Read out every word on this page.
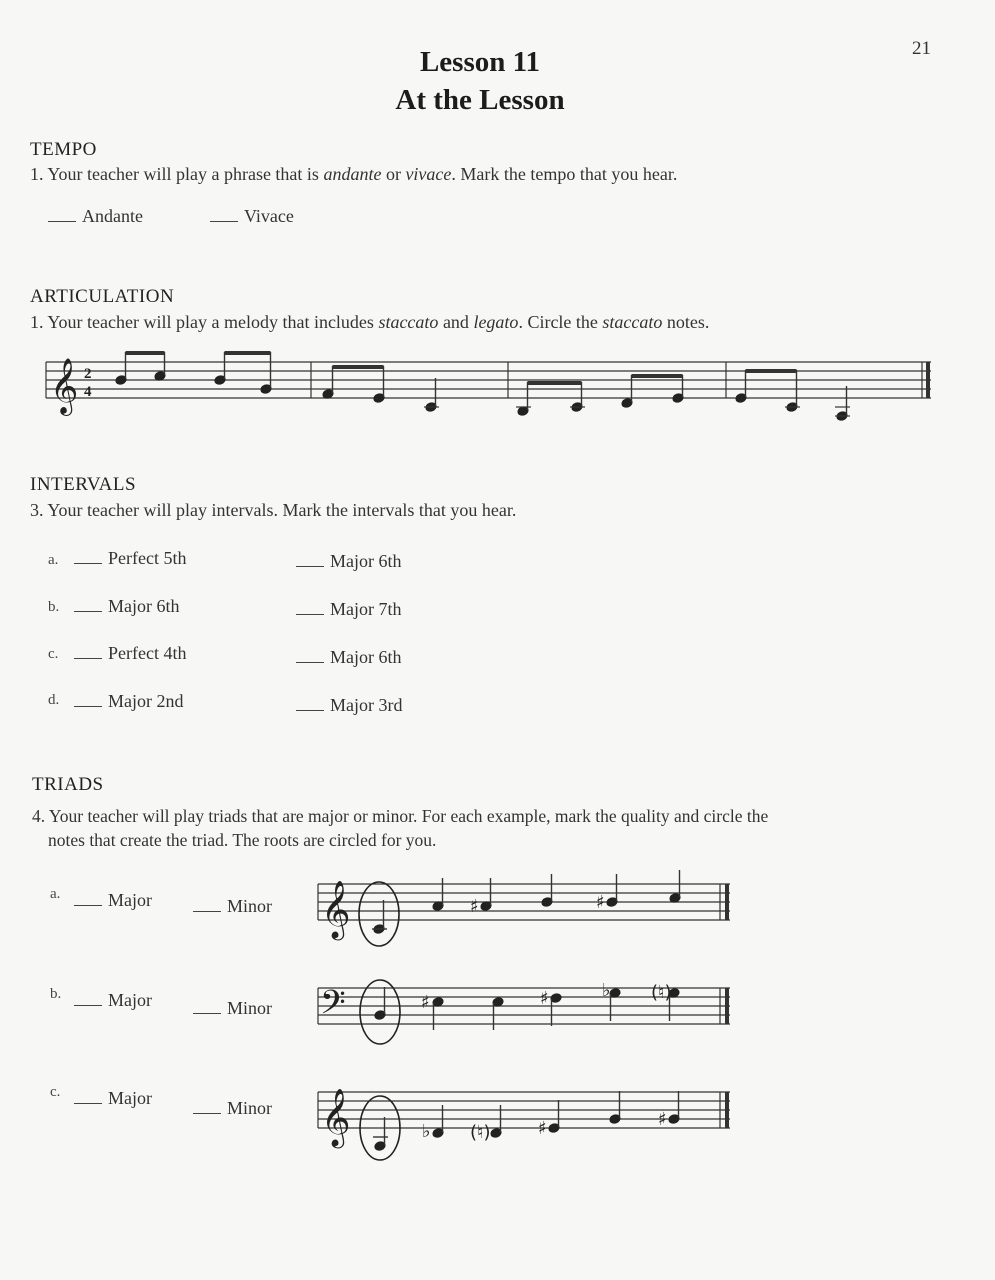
21
Lesson 11
At the Lesson
TEMPO
1. Your teacher will play a phrase that is andante or vivace. Mark the tempo that you hear.
Andante	Vivace
ARTICULATION
1. Your teacher will play a melody that includes staccato and legato. Circle the staccato notes.
𝄞 2
4
INTERVALS
3. Your teacher will play intervals. Mark the intervals that you hear.
a.	Perfect 5th	Major 6th
b.	Major 6th	Major 7th
c.	Perfect 4th	Major 6th
d.	Major 2nd	Major 3rd
TRIADS
4. Your teacher will play triads that are major or minor. For each example, mark the quality and circle the
notes that create the triad. The roots are circled for you.
a.	Major	Minor 𝄞	♯	♯
b.	Major	Minor 𝄢	♯	♯	♭ (♮)
c.	Major	Minor 𝄞	♭ (♮)	♯	♯
